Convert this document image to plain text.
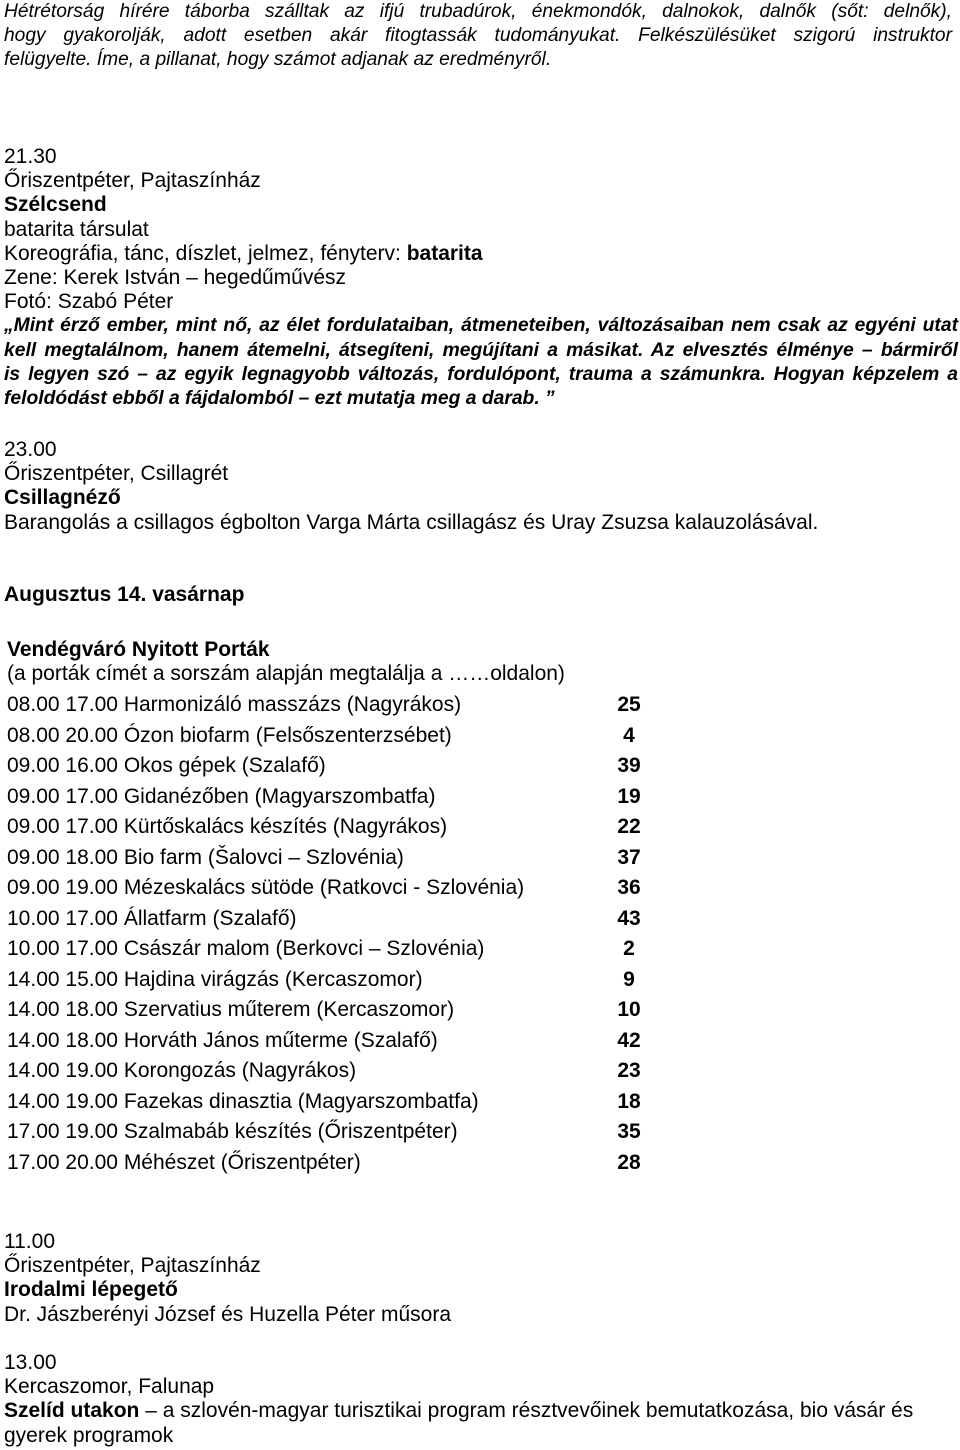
Hétrétorság hírére táborba szálltak az ifjú trubadúrok, énekmondók, dalnokok, dalnők (sőt: delnők),
hogy gyakorolják, adott esetben akár fitogtassák tudományukat. Felkészülésüket szigorú instruktor
felügyelte. Íme, a pillanat, hogy számot adjanak az eredményről.
21.30
Őriszentpéter, Pajtaszínház
Szélcsend
batarita társulat
Koreográfia, tánc, díszlet, jelmez, fényterv: batarita
Zene: Kerek István – hegedűművész
Fotó: Szabó Péter
„Mint érző ember, mint nő, az élet fordulataiban, átmeneteiben, változásaiban nem csak az egyéni utat
kell megtalálnom, hanem átemelni, átsegíteni, megújítani a másikat. Az elvesztés élménye – bármiről
is legyen szó – az egyik legnagyobb változás, fordulópont, trauma a számunkra. Hogyan képzelem a
feloldódást ebből a fájdalomból – ezt mutatja meg a darab. ”
23.00
Őriszentpéter, Csillagrét
Csillagnéző
Barangolás a csillagos égbolton Varga Márta csillagász és Uray Zsuzsa kalauzolásával.
Augusztus 14. vasárnap
Vendégváró Nyitott Porták
(a porták címét a sorszám alapján megtalálja a ……oldalon)
08.00 17.00 Harmonizáló masszázs (Nagyrákos)	25
08.00 20.00 Ózon biofarm (Felsőszenterzsébet)	4
09.00 16.00 Okos gépek (Szalafő)	39
09.00 17.00 Gidanézőben (Magyarszombatfa)	19
09.00 17.00 Kürtőskalács készítés (Nagyrákos)	22
09.00 18.00 Bio farm (Šalovci – Szlovénia)	37
09.00 19.00 Mézeskalács sütöde (Ratkovci - Szlovénia)	36
10.00 17.00 Állatfarm (Szalafő)	43
10.00 17.00 Császár malom (Berkovci – Szlovénia)	2
14.00 15.00 Hajdina virágzás (Kercaszomor)	9
14.00 18.00 Szervatius műterem (Kercaszomor)	10
14.00 18.00 Horváth János műterme (Szalafő)	42
14.00 19.00 Korongozás (Nagyrákos)	23
14.00 19.00 Fazekas dinasztia (Magyarszombatfa)	18
17.00 19.00 Szalmabáb készítés (Őriszentpéter)	35
17.00 20.00 Méhészet (Őriszentpéter)	28
11.00
Őriszentpéter, Pajtaszínház
Irodalmi lépegető
Dr. Jászberényi József és Huzella Péter műsora
13.00
Kercaszomor, Falunap
Szelíd utakon – a szlovén-magyar turisztikai program résztvevőinek bemutatkozása, bio vásár és
gyerek programok
